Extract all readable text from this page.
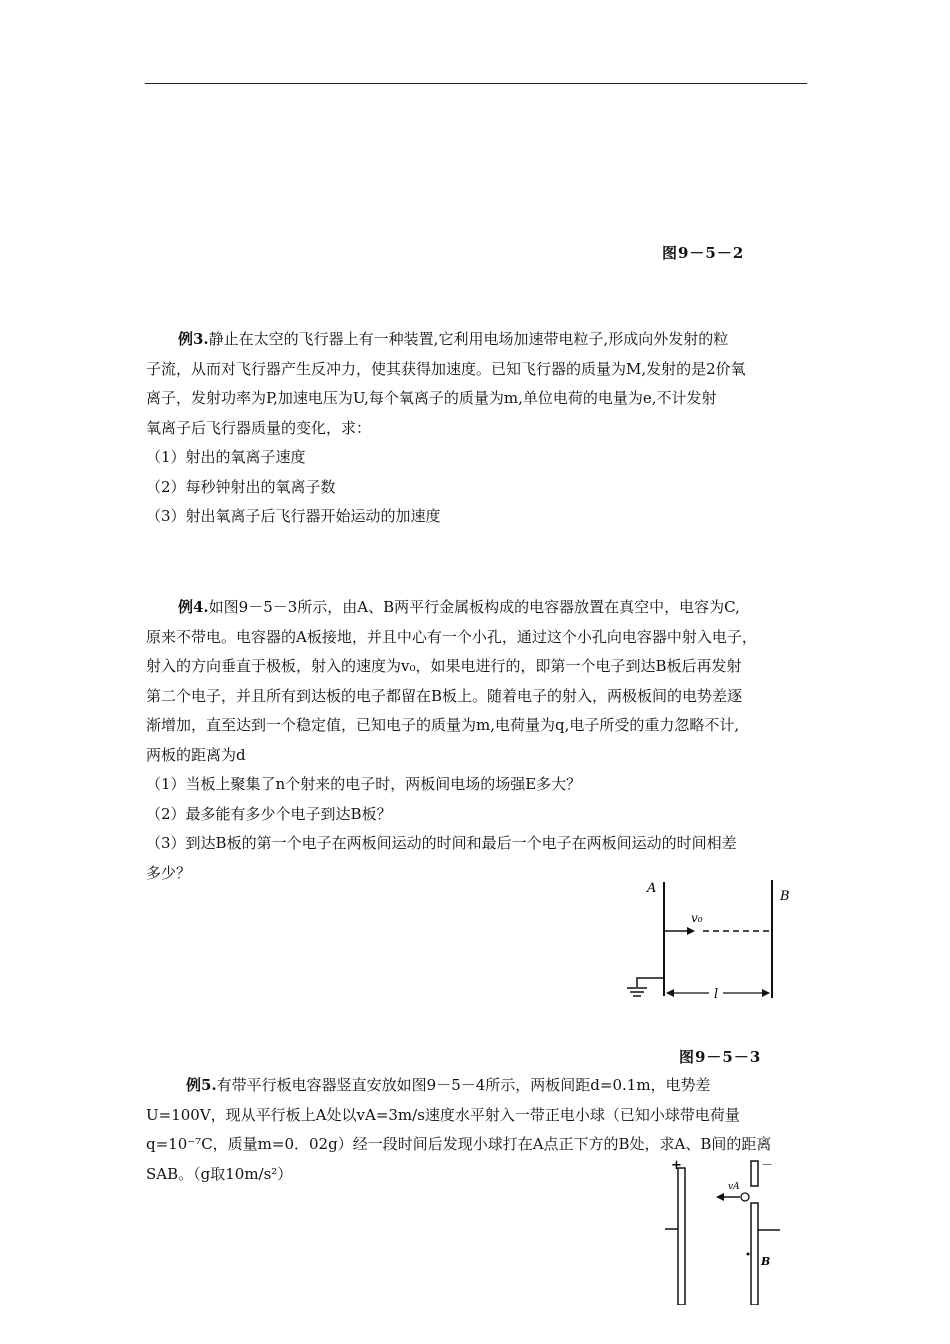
图9－5－2
例3.静止在太空的飞行器上有一种装置,它利用电场加速带电粒子,形成向外发射的粒
子流，从而对飞行器产生反冲力，使其获得加速度。已知飞行器的质量为M,发射的是2价氧
离子，发射功率为P,加速电压为U,每个氧离子的质量为m,单位电荷的电量为e,不计发射
氧离子后飞行器质量的变化，求：
（1）射出的氧离子速度
（2）每秒钟射出的氧离子数
（3）射出氧离子后飞行器开始运动的加速度
例4.如图9－5－3所示，由A、B两平行金属板构成的电容器放置在真空中，电容为C,
原来不带电。电容器的A板接地，并且中心有一个小孔，通过这个小孔向电容器中射入电子，
射入的方向垂直于极板，射入的速度为v₀，如果电进行的，即第一个电子到达B板后再发射
第二个电子，并且所有到达板的电子都留在B板上。随着电子的射入，两极板间的电势差逐
渐增加，直至达到一个稳定值，已知电子的质量为m,电荷量为q,电子所受的重力忽略不计,
两板的距离为d
（1）当板上聚集了n个射来的电子时，两板间电场的场强E多大？
（2）最多能有多少个电子到达B板？
（3）到达B板的第一个电子在两板间运动的时间和最后一个电子在两板间运动的时间相差
多少？
A
B
v₀
l
图9－5－3
例5.有带平行板电容器竖直安放如图9－5－4所示，两板间距d=0.1m，电势差
U=100V，现从平行板上A处以vA=3m/s速度水平射入一带正电小球（已知小球带电荷量
q=10⁻⁷C，质量m=0．02g）经一段时间后发现小球打在A点正下方的B处，求A、B间的距离
SAB。（g取10m/s²）	+	－
vA
B
